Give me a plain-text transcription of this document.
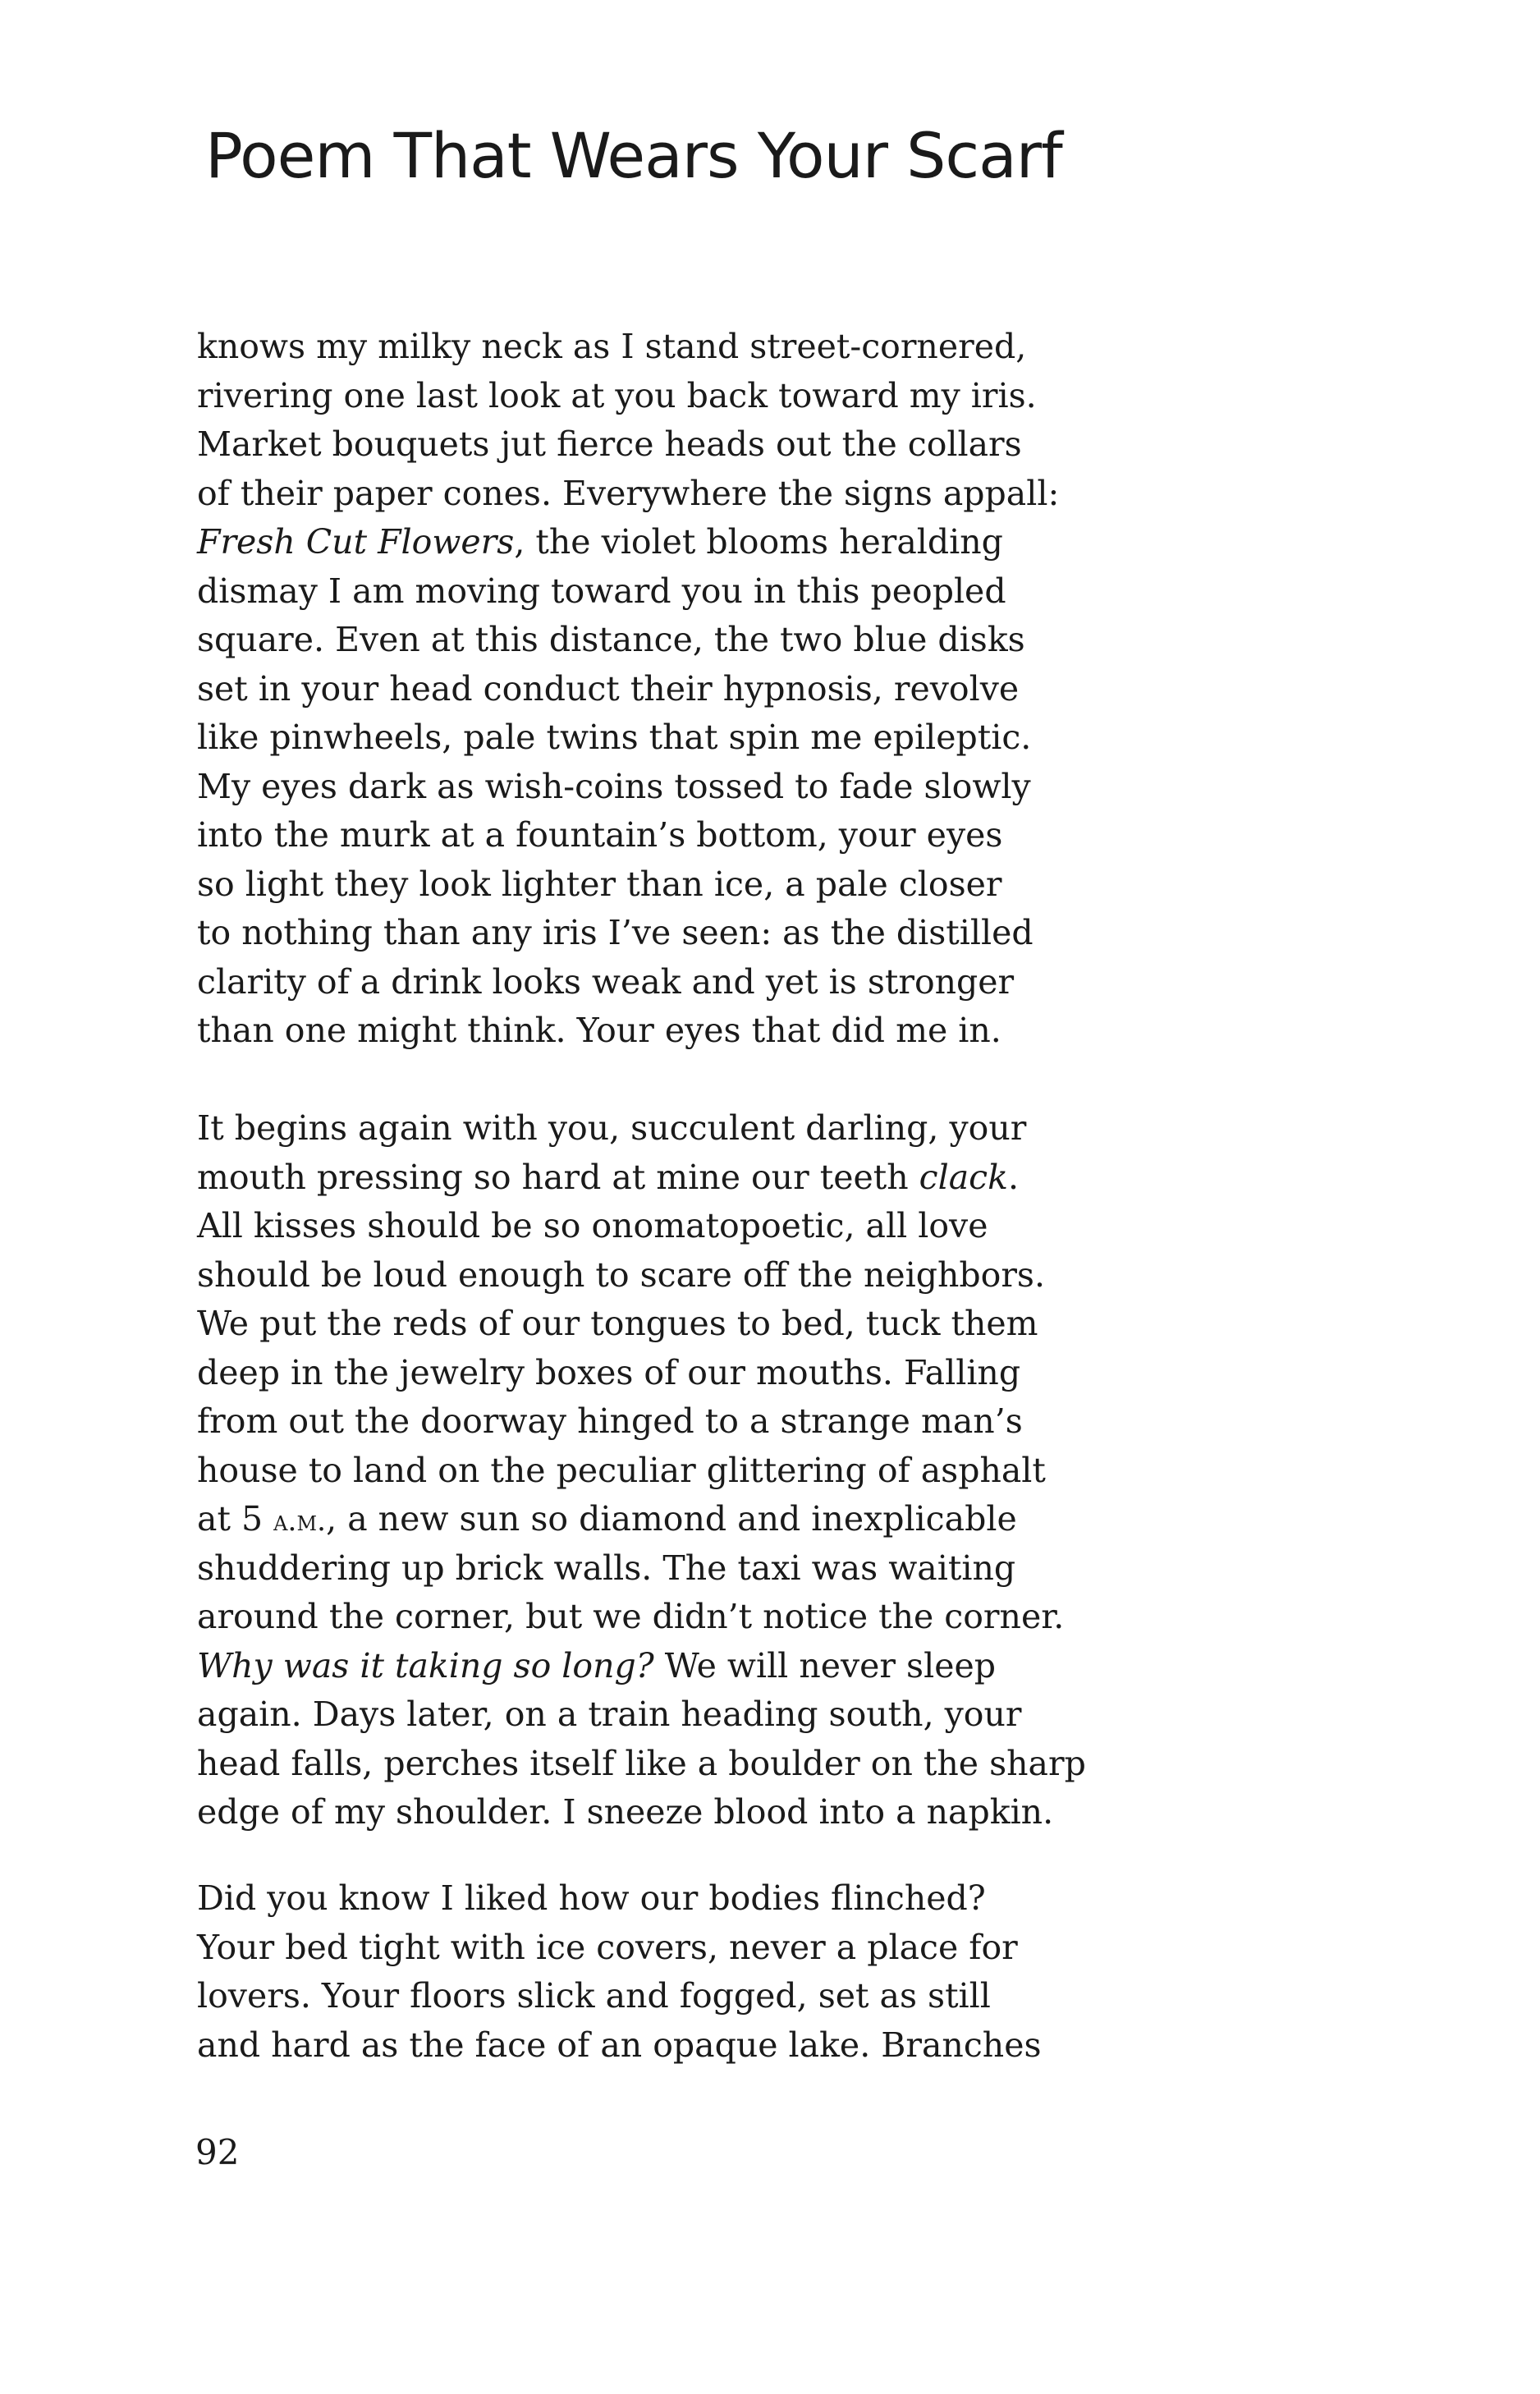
Poem That Wears Your Scarf
knows my milky neck as I stand street-cornered,
rivering one last look at you back toward my iris.
Market bouquets jut fierce heads out the collars
of their paper cones. Everywhere the signs appall:
Fresh Cut Flowers, the violet blooms heralding
dismay I am moving toward you in this peopled
square. Even at this distance, the two blue disks
set in your head conduct their hypnosis, revolve
like pinwheels, pale twins that spin me epileptic.
My eyes dark as wish-coins tossed to fade slowly
into the murk at a fountain’s bottom, your eyes
so light they look lighter than ice, a pale closer
to nothing than any iris I’ve seen: as the distilled
clarity of a drink looks weak and yet is stronger
than one might think. Your eyes that did me in.
It begins again with you, succulent darling, your
mouth pressing so hard at mine our teeth clack.
All kisses should be so onomatopoetic, all love
should be loud enough to scare off the neighbors.
We put the reds of our tongues to bed, tuck them
deep in the jewelry boxes of our mouths. Falling
from out the doorway hinged to a strange man’s
house to land on the peculiar glittering of asphalt
at 5 a.m., a new sun so diamond and inexplicable
shuddering up brick walls. The taxi was waiting
around the corner, but we didn’t notice the corner.
Why was it taking so long? We will never sleep
again. Days later, on a train heading south, your
head falls, perches itself like a boulder on the sharp
edge of my shoulder. I sneeze blood into a napkin.
Did you know I liked how our bodies flinched?
Your bed tight with ice covers, never a place for
lovers. Your floors slick and fogged, set as still
and hard as the face of an opaque lake. Branches
92
